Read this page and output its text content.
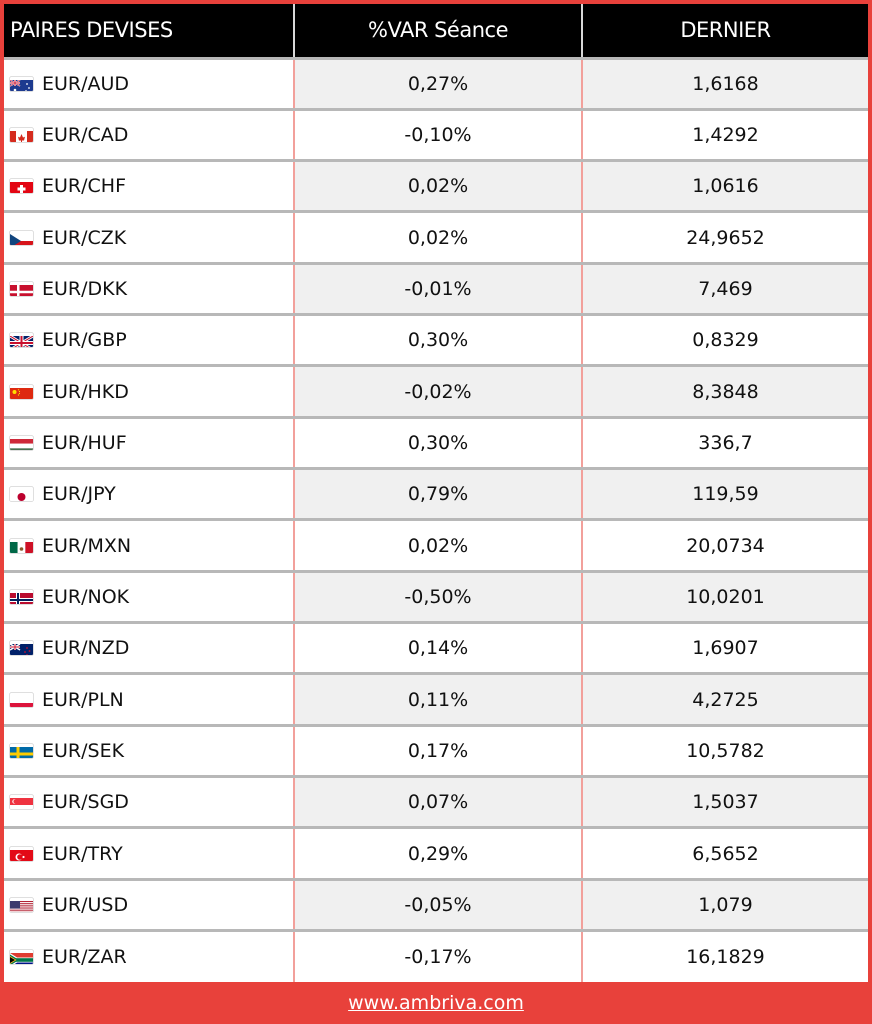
PAIRES DEVISES	%VAR Séance	DERNIER

EUR/AUD	0,27%	1,6168

EUR/CAD	-0,10%	1,4292

EUR/CHF	0,02%	1,0616

EUR/CZK	0,02%	24,9652

EUR/DKK	-0,01%	7,469

EUR/GBP	0,30%	0,8329

EUR/HKD	-0,02%	8,3848

EUR/HUF	0,30%	336,7

EUR/JPY	0,79%	119,59

EUR/MXN	0,02%	20,0734

EUR/NOK	-0,50%	10,0201

EUR/NZD	0,14%	1,6907

EUR/PLN	0,11%	4,2725

EUR/SEK	0,17%	10,5782

EUR/SGD	0,07%	1,5037

EUR/TRY	0,29%	6,5652

EUR/USD	-0,05%	1,079

EUR/ZAR	-0,17%	16,1829
www.ambriva.com
